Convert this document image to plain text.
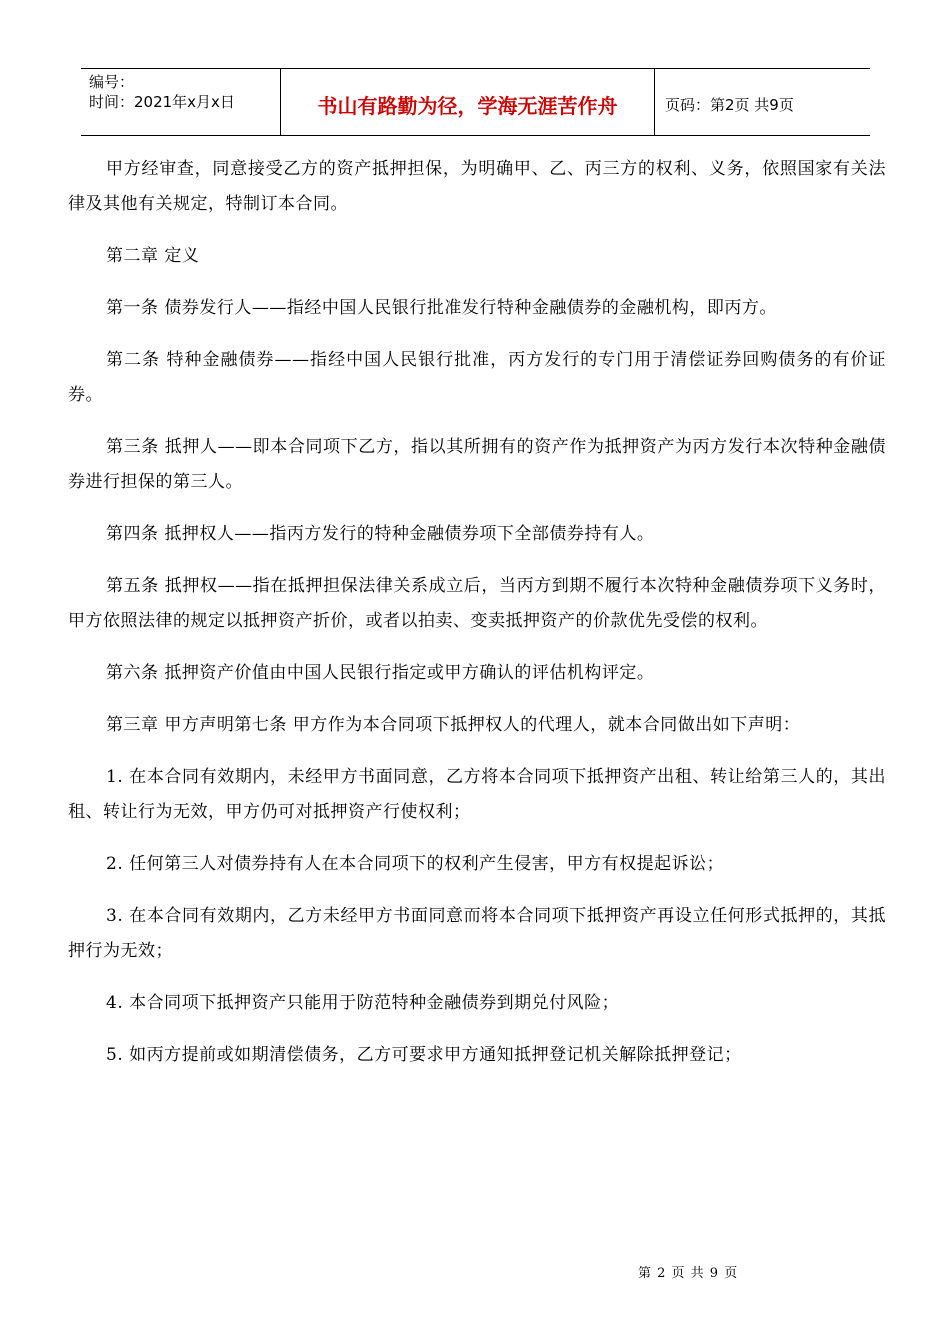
编号：
时间：2021年x月x日	书山有路勤为径，学海无涯苦作舟	页码：第2页 共9页

甲方经审查，同意接受乙方的资产抵押担保，为明确甲、乙、丙三方的权利、义务，依照国家有关法律及其他有关规定，特制订本合同。

第二章 定义

第一条 债券发行人——指经中国人民银行批准发行特种金融债券的金融机构，即丙方。

第二条 特种金融债券——指经中国人民银行批准，丙方发行的专门用于清偿证券回购债务的有价证券。

第三条 抵押人——即本合同项下乙方，指以其所拥有的资产作为抵押资产为丙方发行本次特种金融债券进行担保的第三人。

第四条 抵押权人——指丙方发行的特种金融债券项下全部债券持有人。

第五条 抵押权——指在抵押担保法律关系成立后，当丙方到期不履行本次特种金融债券项下义务时，甲方依照法律的规定以抵押资产折价，或者以拍卖、变卖抵押资产的价款优先受偿的权利。

第六条 抵押资产价值由中国人民银行指定或甲方确认的评估机构评定。

第三章 甲方声明第七条 甲方作为本合同项下抵押权人的代理人，就本合同做出如下声明：

1. 在本合同有效期内，未经甲方书面同意，乙方将本合同项下抵押资产出租、转让给第三人的，其出租、转让行为无效，甲方仍可对抵押资产行使权利；

2. 任何第三人对债券持有人在本合同项下的权利产生侵害，甲方有权提起诉讼；

3. 在本合同有效期内，乙方未经甲方书面同意而将本合同项下抵押资产再设立任何形式抵押的，其抵押行为无效；

4. 本合同项下抵押资产只能用于防范特种金融债券到期兑付风险；

5. 如丙方提前或如期清偿债务，乙方可要求甲方通知抵押登记机关解除抵押登记；

第 2 页 共 9 页
